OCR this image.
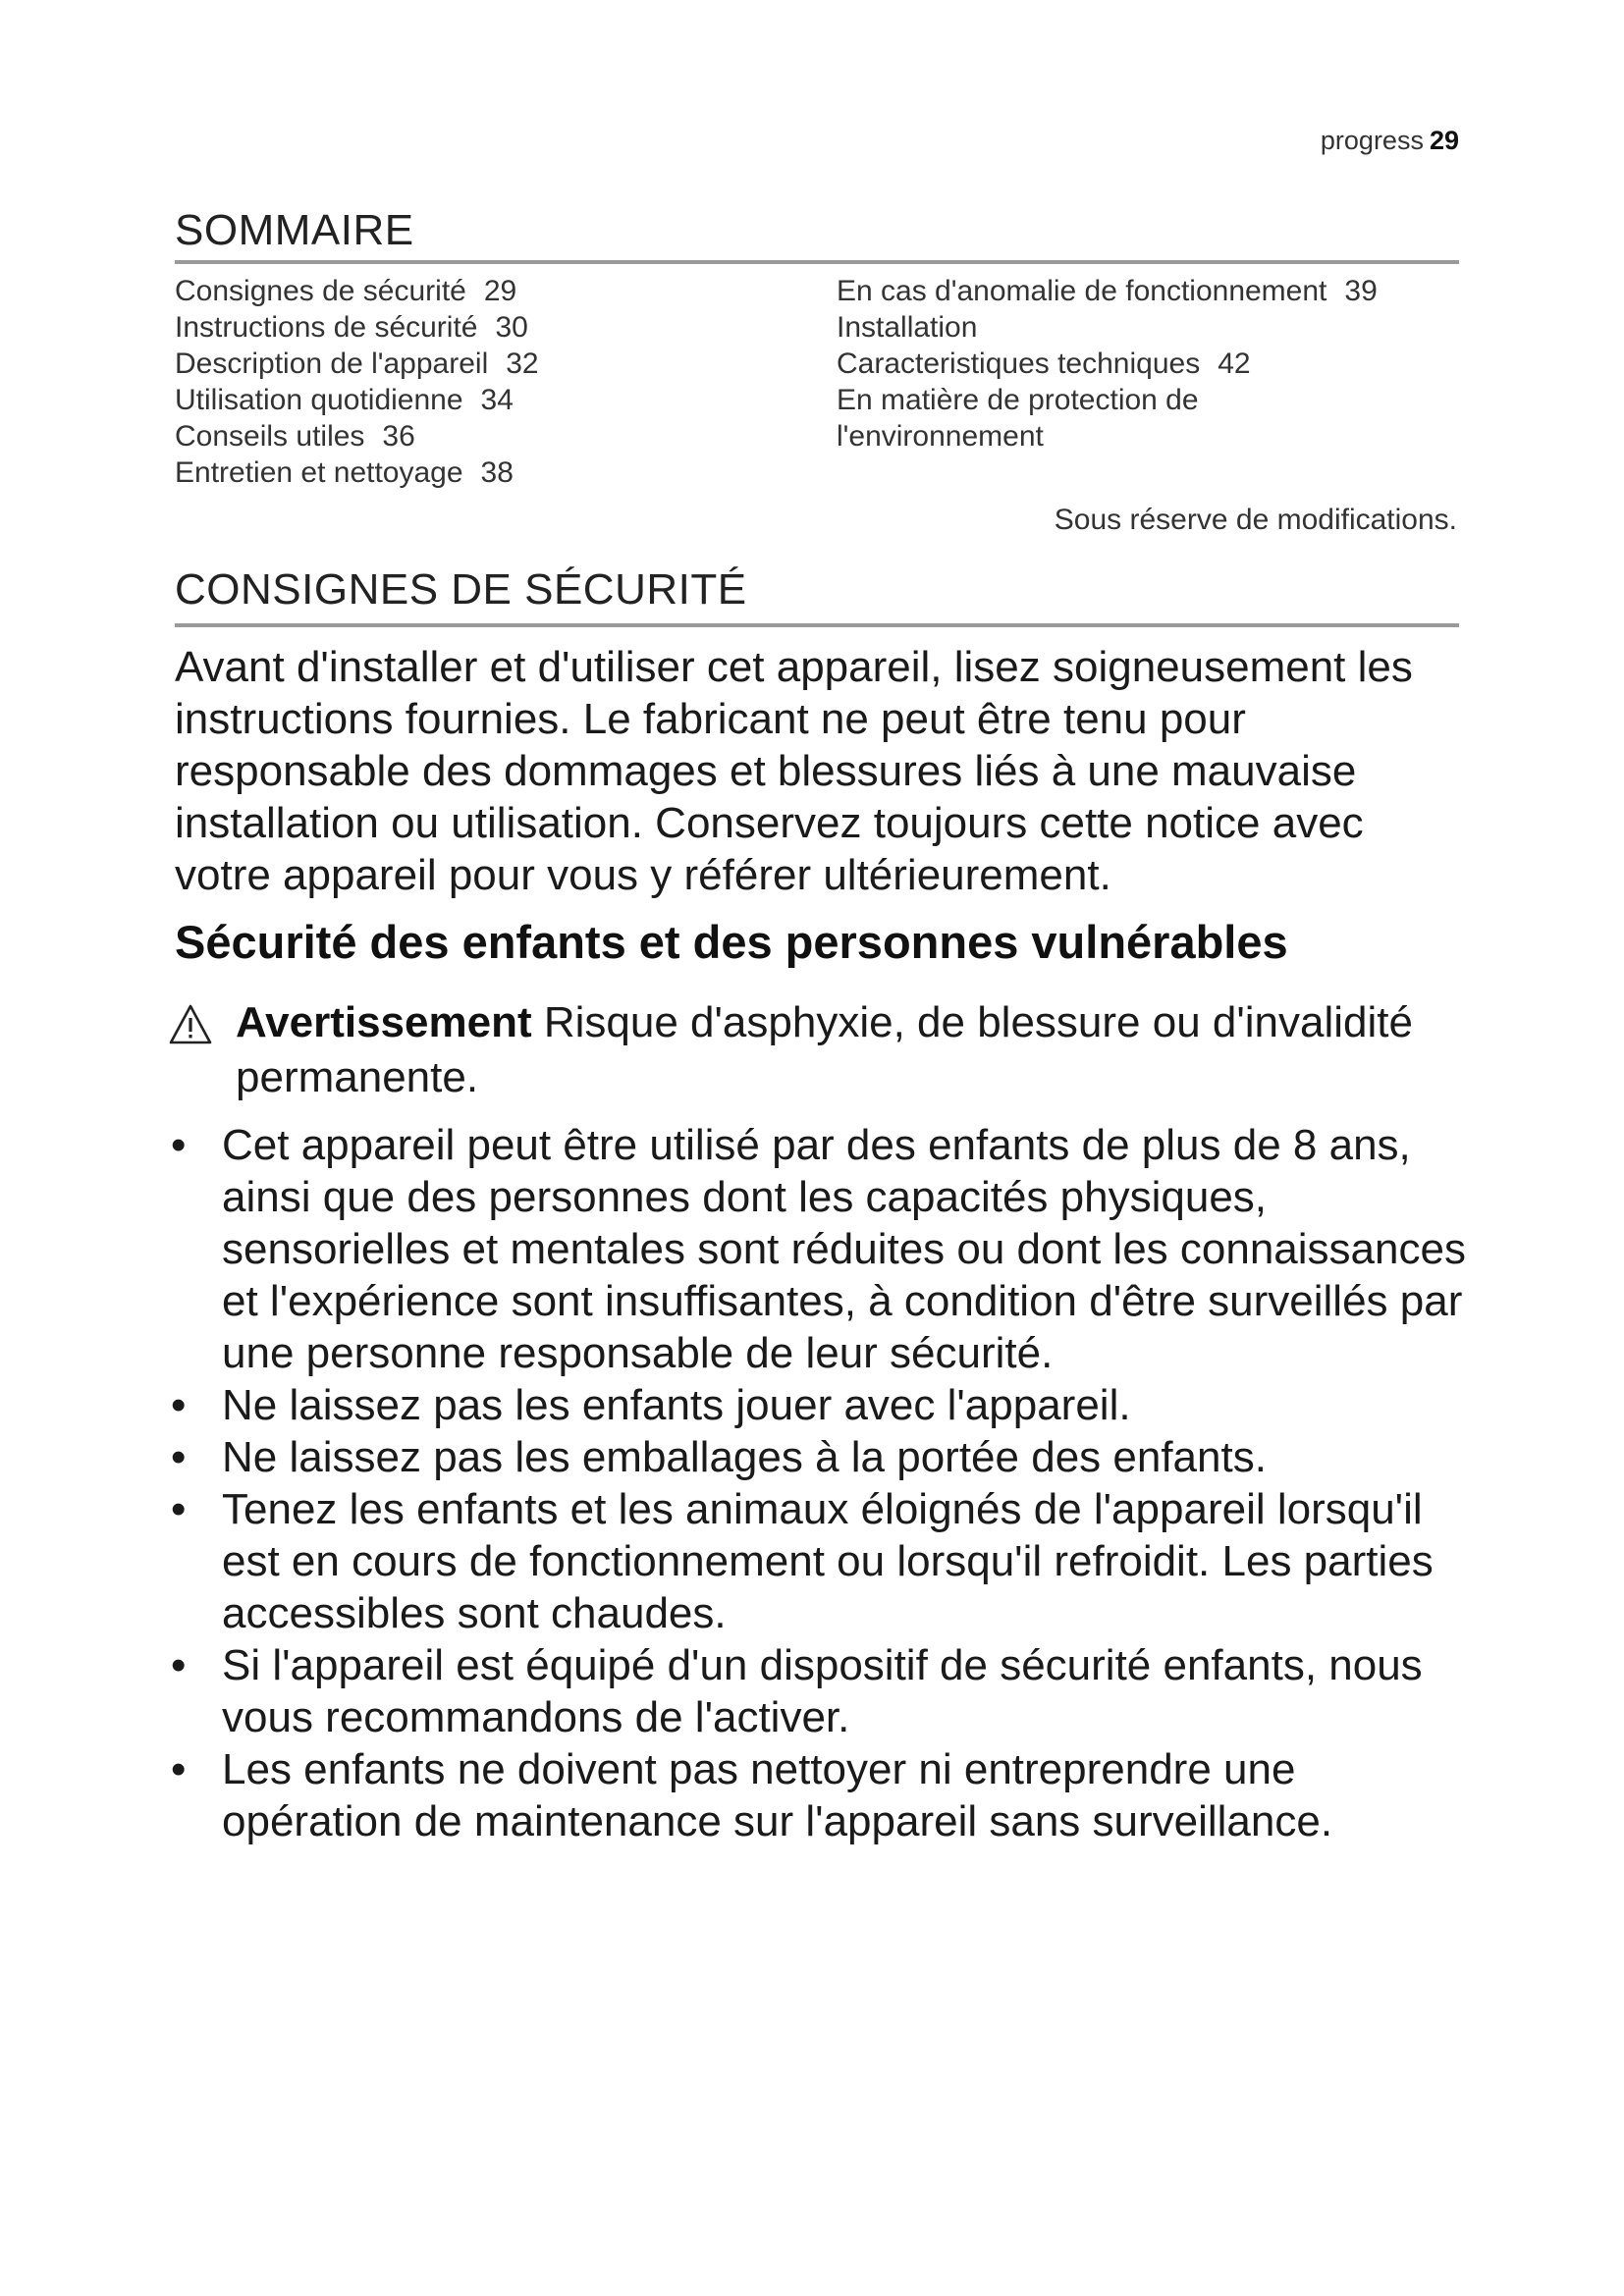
progress 29
SOMMAIRE
Consignes de sécurité 29
Instructions de sécurité 30
Description de l'appareil 32
Utilisation quotidienne 34
Conseils utiles 36
Entretien et nettoyage 38
En cas d'anomalie de fonctionnement 39
Installation
Caracteristiques techniques 42
En matière de protection de l'environnement
Sous réserve de modifications.
CONSIGNES DE SÉCURITÉ
Avant d'installer et d'utiliser cet appareil, lisez soigneusement les instructions fournies. Le fabricant ne peut être tenu pour responsable des dommages et blessures liés à une mauvaise installation ou utilisation. Conservez toujours cette notice avec votre appareil pour vous y référer ultérieurement.
Sécurité des enfants et des personnes vulnérables
Avertissement Risque d'asphyxie, de blessure ou d'invalidité permanente.
• Cet appareil peut être utilisé par des enfants de plus de 8 ans, ainsi que des personnes dont les capacités physiques, sensorielles et mentales sont réduites ou dont les connaissances et l'expérience sont insuffisantes, à condition d'être surveillés par une personne responsable de leur sécurité.
• Ne laissez pas les enfants jouer avec l'appareil.
• Ne laissez pas les emballages à la portée des enfants.
• Tenez les enfants et les animaux éloignés de l'appareil lorsqu'il est en cours de fonctionnement ou lorsqu'il refroidit. Les parties accessibles sont chaudes.
• Si l'appareil est équipé d'un dispositif de sécurité enfants, nous vous recommandons de l'activer.
• Les enfants ne doivent pas nettoyer ni entreprendre une opération de maintenance sur l'appareil sans surveillance.
